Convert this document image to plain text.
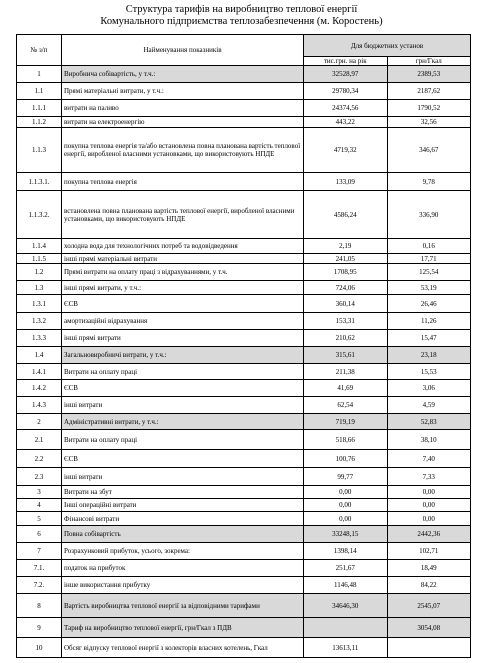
Структура тарифів на виробництво теплової енергії
Комунального підприємства теплозабезпечення (м. Коростень)
№ з/п	Найменування показників	Для бюджетних установ	
		тис.грн. на рік	грн/Гкал
1	Виробнича собівартість, у т.ч.:	32528,97	2389,53
1.1	Прямі матеріальні витрати, у т.ч.:	29780,34	2187,62
1.1.1	витрати на паливо	24374,56	1790,52
1.1.2	витрати на електроенергію	443,22	32,56
1.1.3	покупна теплова енергія та/або встановлена повна планована вартість теплової енергії, виробленої власними установками, що використовують НПДЕ	4719,32	346,67
1.1.3.1.	покупна теплова енергія	133,09	9,78
1.1.3.2.	встановлена повна планована вартість теплової енергії, виробленої власними установками, що використовують НПДЕ	4586,24	336,90
1.1.4	холодна вода для технологічних потреб та водовідведення	2,19	0,16
1.1.5	інші прямі матеріальні витрати	241,05	17,71
1.2	Прямі витрати на оплату праці з відрахуваннями, у т.ч.	1708,95	125,54
1.3	інші прямі витрати, у т.ч.:	724,06	53,19
1.3.1	ЄСВ	360,14	26,46
1.3.2	амортизаційні відрахування	153,31	11,26
1.3.3	інші прямі витрати	210,62	15,47
1.4	Загальновиробничі витрати, у т.ч.:	315,61	23,18
1.4.1	Витрати на оплату праці	211,38	15,53
1.4.2	ЄСВ	41,69	3,06
1.4.3	інші витрати	62,54	4,59
2	Адміністративні витрати, у т.ч.:	719,19	52,83
2.1	Витрати на оплату праці	518,66	38,10
2.2	ЄСВ	100,76	7,40
2.3	інші витрати	99,77	7,33
3	Витрати на збут	0,00	0,00
4	Інші операційні витрати	0,00	0,00
5	Фінансові витрати	0,00	0,00
6	Повна собівартість	33248,15	2442,36
7	Розрахунковий прибуток, усього, зокрема:	1398,14	102,71
7.1.	податок на прибуток	251,67	18,49
7.2.	інше використання прибутку	1146,48	84,22
8	Вартість виробництва теплової енергії за відповідними тарифами	34646,30	2545,07
9	Тариф на виробництво теплової енергії, грн/Гкал з ПДВ		3054,08
10	Обсяг відпуску теплової енергії з колекторів власних котелень, Гкал	13613,11	
